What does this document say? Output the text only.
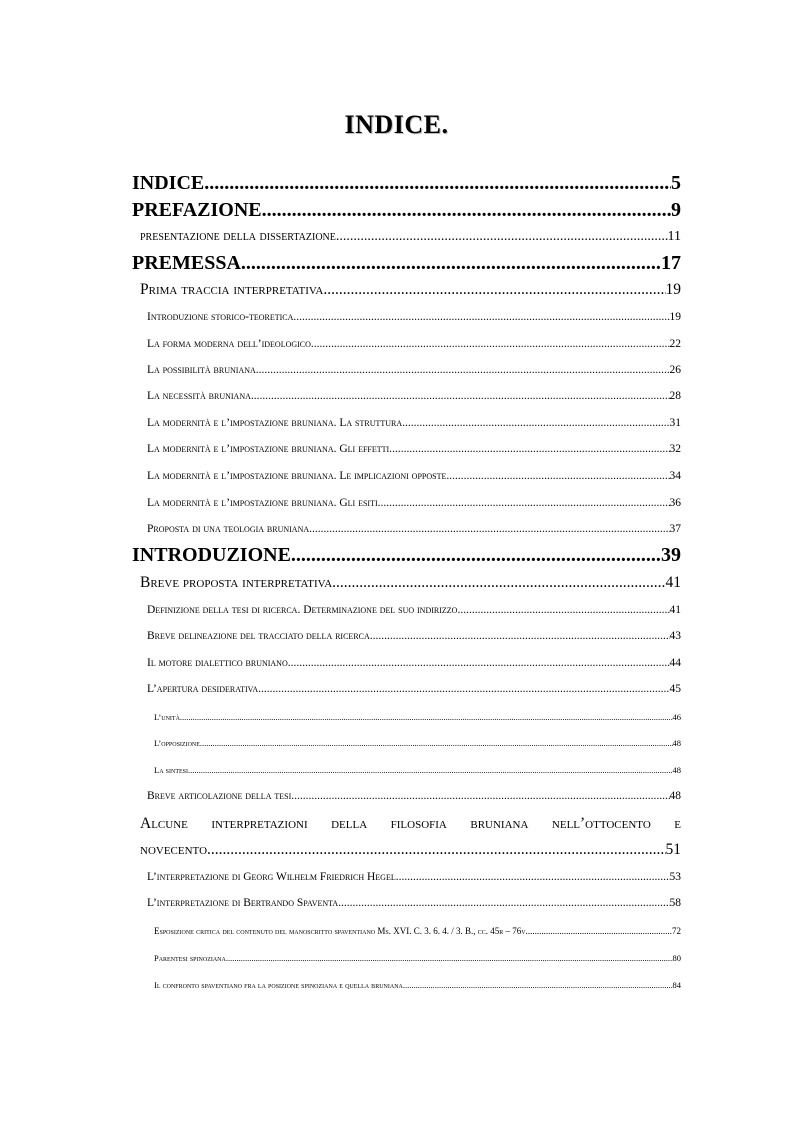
INDICE.
INDICE. .....	5
PREFAZIONE. .....	9
presentazione della dissertazione. .....	11
PREMESSA. .....	17
Prima traccia interpretativa. .....	19
Introduzione storico-teoretica. .....	19
La forma moderna dell’ideologico. .....	22
La possibilità bruniana. .....	26
La necessità bruniana. .....	28
La modernità e l’impostazione bruniana. La struttura. .....	31
La modernità e l’impostazione bruniana. Gli effetti. .....	32
La modernità e l’impostazione bruniana. Le implicazioni opposte. .....	34
La modernità e l’impostazione bruniana. Gli esiti. .....	36
Proposta di una teologia bruniana. .....	37
INTRODUZIONE. .....	39
Breve proposta interpretativa. .....	41
Definizione della tesi di ricerca. Determinazione del suo indirizzo. .....	41
Breve delineazione del tracciato della ricerca. .....	43
Il motore dialettico bruniano. .....	44
L’apertura desiderativa. .....	45
L’unità. .....	46
L’opposizione. .....	48
La sintesi. .....	48
Breve articolazione della tesi. .....	48
Alcune interpretazioni della filosofia bruniana nell’ottocento e
novecento. .....	51
L’interpretazione di Georg Wilhelm Friedrich Hegel. .....	53
L’interpretazione di Bertrando Spaventa. .....	58
Esposizione critica del contenuto del manoscritto spaventiano Ms. XVI. C. 3. 6. 4. / 3. B., cc. 45r – 76v. .....	72
Parentesi spinoziana. .....	80
Il confronto spaventiano fra la posizione spinoziana e quella bruniana. .....	84
